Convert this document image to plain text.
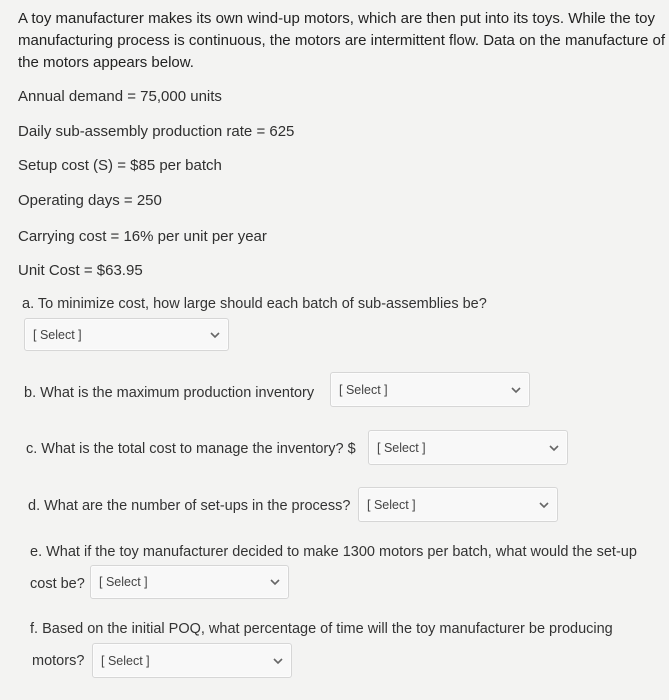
A toy manufacturer makes its own wind-up motors, which are then put into its toys. While the toy manufacturing process is continuous, the motors are intermittent flow. Data on the manufacture of the motors appears below.
Annual demand = 75,000 units
Daily sub-assembly production rate = 625
Setup cost (S) = $85 per batch
Operating days = 250
Carrying cost = 16% per unit per year
Unit Cost = $63.95
a. To minimize cost, how large should each batch of sub-assemblies be?
[ Select ]
b. What is the maximum production inventory [ Select ]
c. What is the total cost to manage the inventory? $ [ Select ]
d. What are the number of set-ups in the process? [ Select ]
e. What if the toy manufacturer decided to make 1300 motors per batch, what would the set-up
cost be? [ Select ]
f. Based on the initial POQ, what percentage of time will the toy manufacturer be producing
motors? [ Select ]
